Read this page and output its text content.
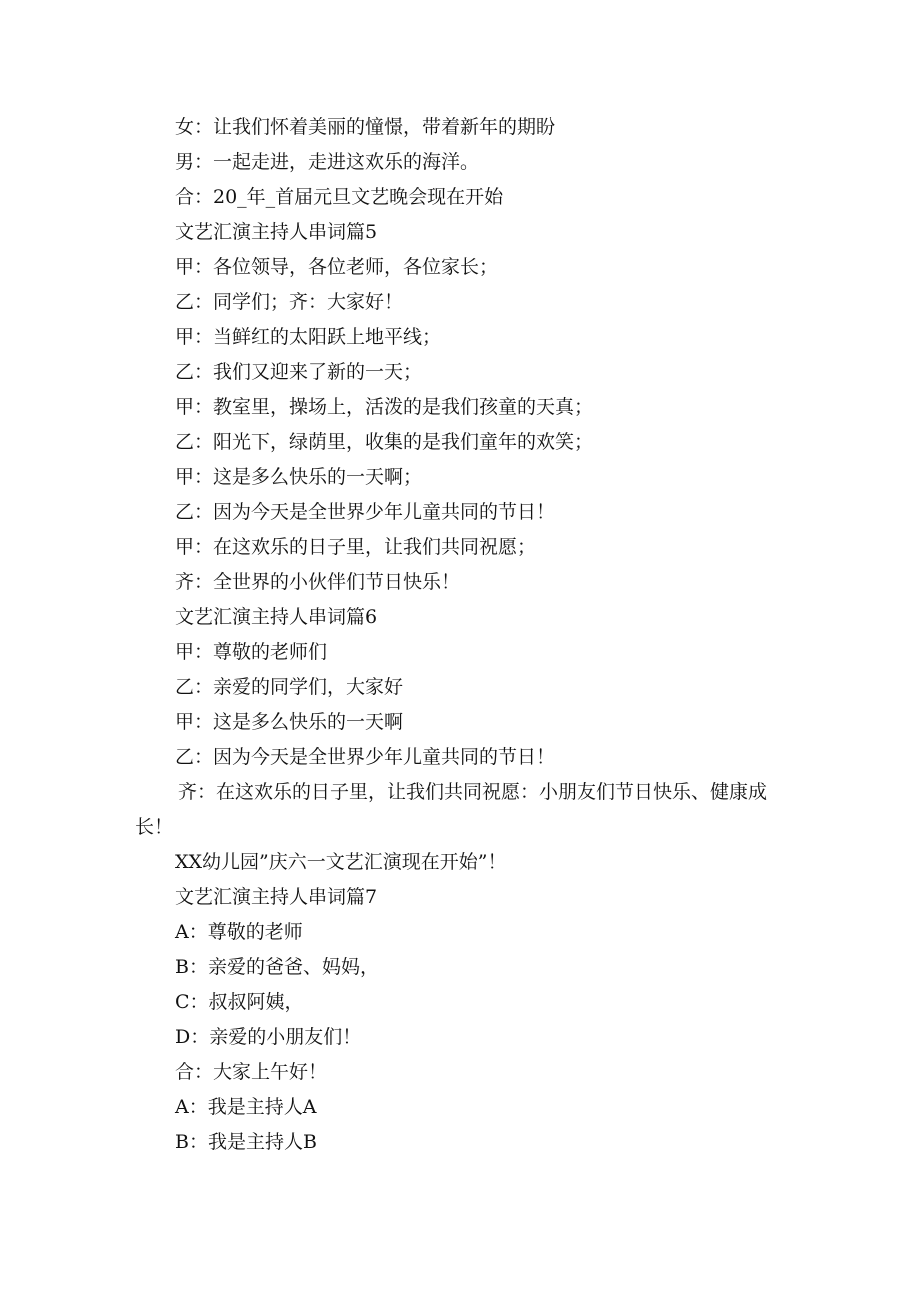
女：让我们怀着美丽的憧憬，带着新年的期盼
男：一起走进，走进这欢乐的海洋。
合：20_年_首届元旦文艺晚会现在开始
文艺汇演主持人串词篇5
甲：各位领导，各位老师，各位家长；
乙：同学们；齐：大家好！
甲：当鲜红的太阳跃上地平线；
乙：我们又迎来了新的一天；
甲：教室里，操场上，活泼的是我们孩童的天真；
乙：阳光下，绿荫里，收集的是我们童年的欢笑；
甲：这是多么快乐的一天啊；
乙：因为今天是全世界少年儿童共同的节日！
甲：在这欢乐的日子里，让我们共同祝愿；
齐：全世界的小伙伴们节日快乐！
文艺汇演主持人串词篇6
甲：尊敬的老师们
乙：亲爱的同学们，大家好
甲：这是多么快乐的一天啊
乙：因为今天是全世界少年儿童共同的节日！
齐：在这欢乐的日子里，让我们共同祝愿：小朋友们节日快乐、健康成长！
XX幼儿园”庆六一文艺汇演现在开始”！
文艺汇演主持人串词篇7
A：尊敬的老师
B：亲爱的爸爸、妈妈，
C：叔叔阿姨，
D：亲爱的小朋友们！
合：大家上午好！
A：我是主持人A
B：我是主持人B
